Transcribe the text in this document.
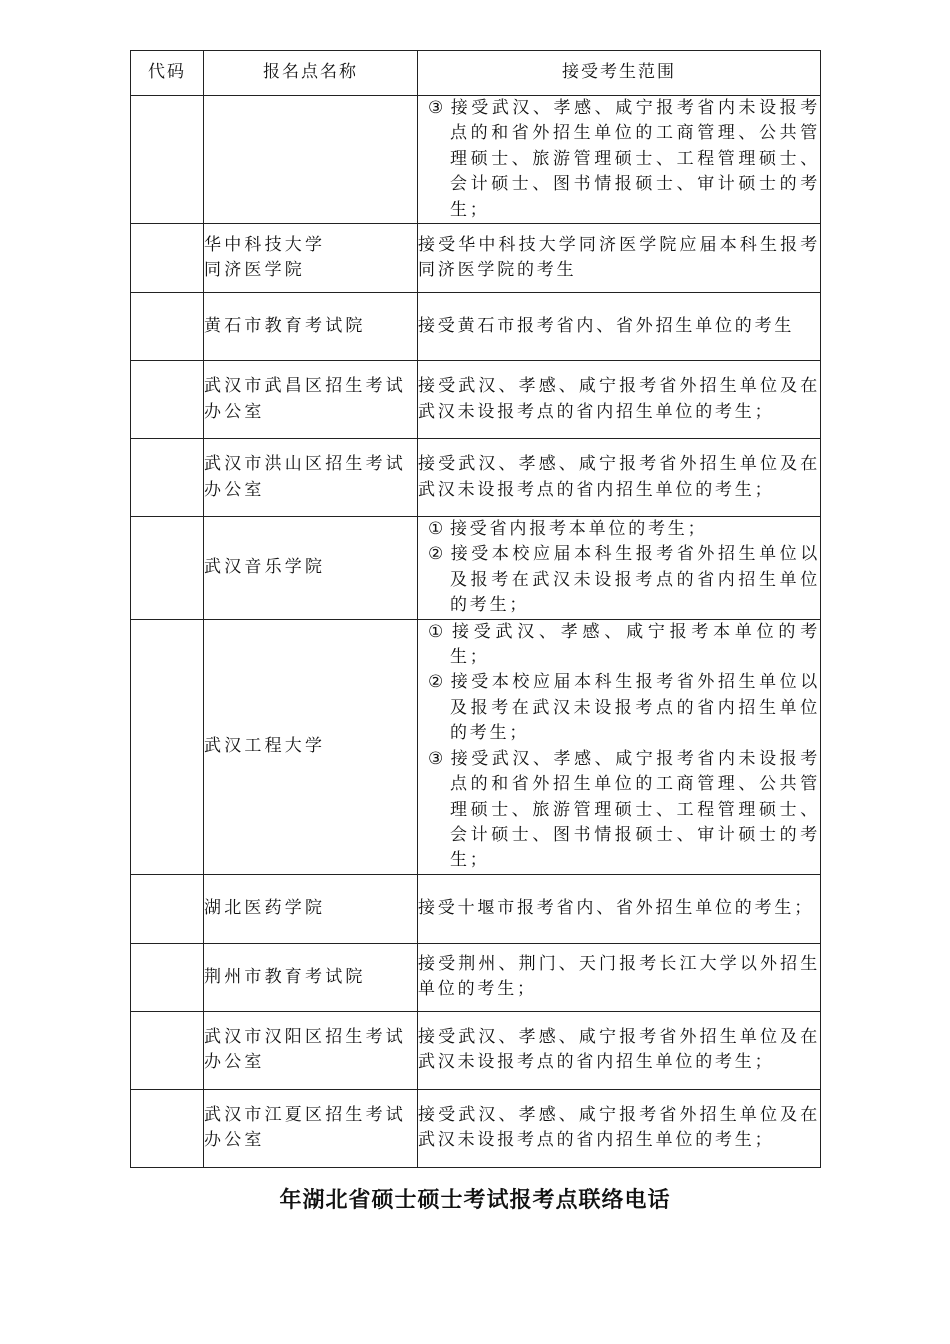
代码	报名点名称	接受考生范围

		③ 接受武汉、孝感、咸宁报考省内未设报考点的和省外招生单位的工商管理、公共管理硕士、旅游管理硕士、工程管理硕士、会计硕士、图书情报硕士、审计硕士的考生；

	华中科技大学
同济医学院	接受华中科技大学同济医学院应届本科生报考同济医学院的考生

	黄石市教育考试院	接受黄石市报考省内、省外招生单位的考生

	武汉市武昌区招生考试办公室	接受武汉、孝感、咸宁报考省外招生单位及在武汉未设报考点的省内招生单位的考生；

	武汉市洪山区招生考试办公室	接受武汉、孝感、咸宁报考省外招生单位及在武汉未设报考点的省内招生单位的考生；

	武汉音乐学院	① 接受省内报考本单位的考生；
② 接受本校应届本科生报考省外招生单位以及报考在武汉未设报考点的省内招生单位的考生；

	武汉工程大学	① 接受武汉、孝感、咸宁报考本单位的考生；
② 接受本校应届本科生报考省外招生单位以及报考在武汉未设报考点的省内招生单位的考生；
③ 接受武汉、孝感、咸宁报考省内未设报考点的和省外招生单位的工商管理、公共管理硕士、旅游管理硕士、工程管理硕士、会计硕士、图书情报硕士、审计硕士的考生；

	湖北医药学院	接受十堰市报考省内、省外招生单位的考生；

	荆州市教育考试院	接受荆州、荆门、天门报考长江大学以外招生单位的考生；

	武汉市汉阳区招生考试办公室	接受武汉、孝感、咸宁报考省外招生单位及在武汉未设报考点的省内招生单位的考生；

	武汉市江夏区招生考试办公室	接受武汉、孝感、咸宁报考省外招生单位及在武汉未设报考点的省内招生单位的考生；
年湖北省硕士硕士考试报考点联络电话
